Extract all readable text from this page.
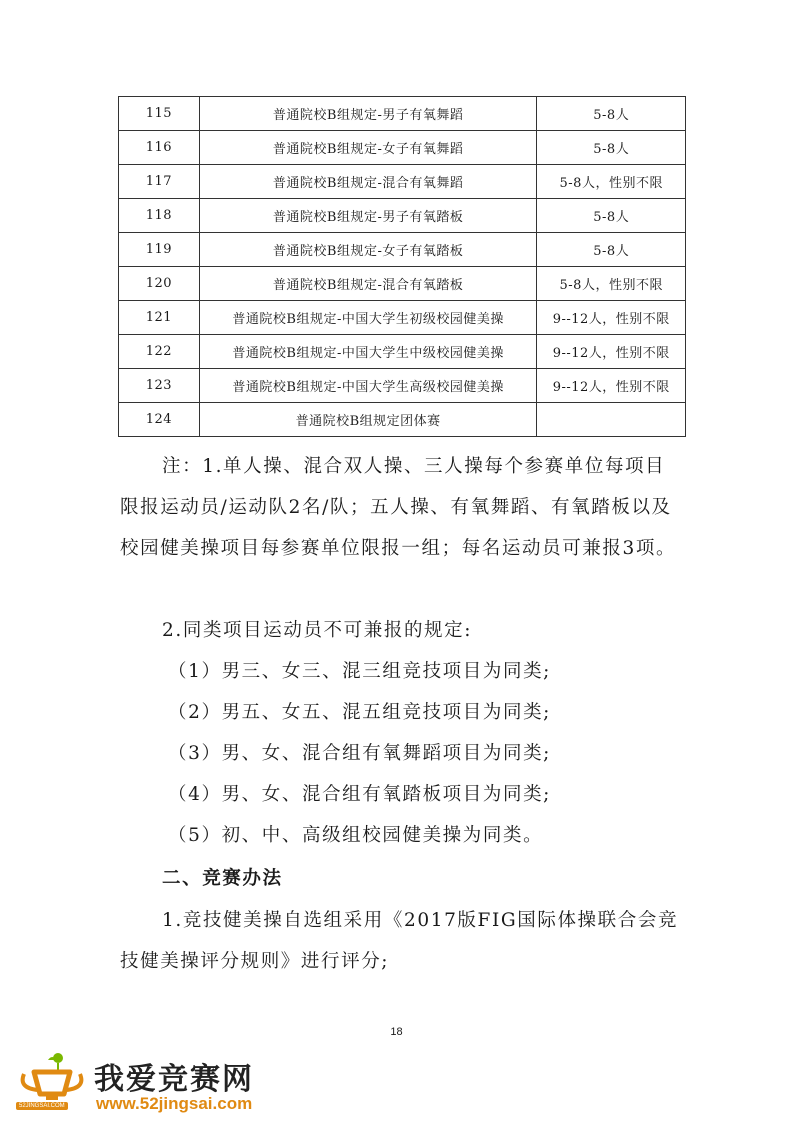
115	普通院校B组规定-男子有氧舞蹈	5-8人
116	普通院校B组规定-女子有氧舞蹈	5-8人
117	普通院校B组规定-混合有氧舞蹈	5-8人，性别不限
118	普通院校B组规定-男子有氧踏板	5-8人
119	普通院校B组规定-女子有氧踏板	5-8人
120	普通院校B组规定-混合有氧踏板	5-8人，性别不限
121	普通院校B组规定-中国大学生初级校园健美操	9--12人，性别不限
122	普通院校B组规定-中国大学生中级校园健美操	9--12人，性别不限
123	普通院校B组规定-中国大学生高级校园健美操	9--12人，性别不限
124	普通院校B组规定团体赛	

注：1.单人操、混合双人操、三人操每个参赛单位每项目限报运动员/运动队2名/队；五人操、有氧舞蹈、有氧踏板以及校园健美操项目每参赛单位限报一组；每名运动员可兼报3项。

2.同类项目运动员不可兼报的规定:

（1）男三、女三、混三组竞技项目为同类;

（2）男五、女五、混五组竞技项目为同类;

（3）男、女、混合组有氧舞蹈项目为同类;

（4）男、女、混合组有氧踏板项目为同类;

（5）初、中、高级组校园健美操为同类。

二、竞赛办法

1.竞技健美操自选组采用《2017版FIG国际体操联合会竞技健美操评分规则》进行评分;

18
我爱竞赛网
www.52jingsai.com
52JINGSAI.COM
